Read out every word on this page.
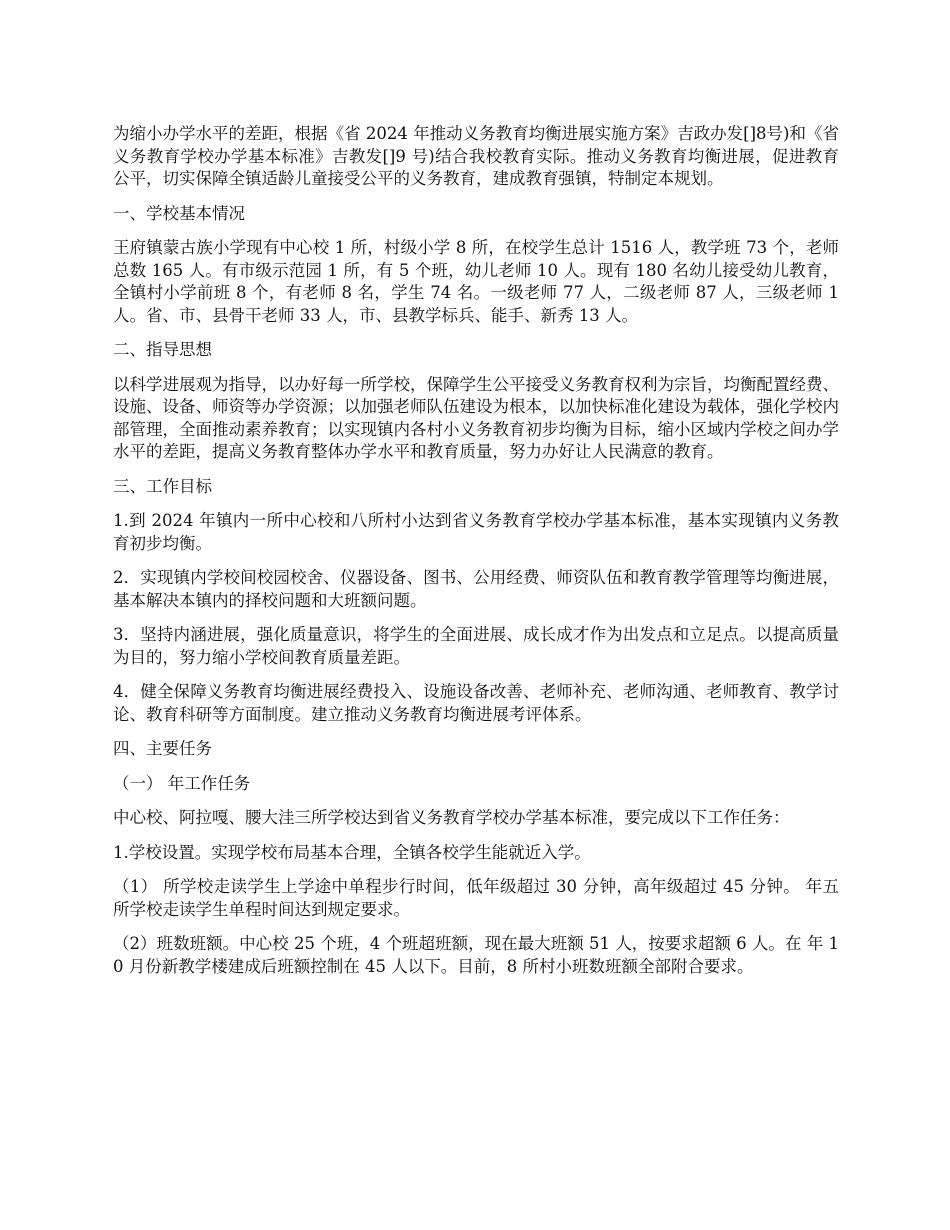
为缩小办学水平的差距，根据《省 2024 年推动义务教育均衡进展实施方案》吉政办发[]8号)和《省义务教育学校办学基本标准》吉教发[]9 号)结合我校教育实际。推动义务教育均衡进展，促进教育公平，切实保障全镇适龄儿童接受公平的义务教育，建成教育强镇，特制定本规划。

一、学校基本情况

王府镇蒙古族小学现有中心校 1 所，村级小学 8 所，在校学生总计 1516 人，教学班 73 个，老师总数 165 人。有市级示范园 1 所，有 5 个班，幼儿老师 10 人。现有 180 名幼儿接受幼儿教育，全镇村小学前班 8 个，有老师 8 名，学生 74 名。一级老师 77 人，二级老师 87 人，三级老师 1 人。省、市、县骨干老师 33 人，市、县教学标兵、能手、新秀 13 人。

二、指导思想

以科学进展观为指导，以办好每一所学校，保障学生公平接受义务教育权利为宗旨，均衡配置经费、设施、设备、师资等办学资源；以加强老师队伍建设为根本，以加快标准化建设为载体，强化学校内部管理，全面推动素养教育；以实现镇内各村小义务教育初步均衡为目标，缩小区域内学校之间办学水平的差距，提高义务教育整体办学水平和教育质量，努力办好让人民满意的教育。

三、工作目标

1.到 2024 年镇内一所中心校和八所村小达到省义务教育学校办学基本标准，基本实现镇内义务教育初步均衡。

2．实现镇内学校间校园校舍、仪器设备、图书、公用经费、师资队伍和教育教学管理等均衡进展，基本解决本镇内的择校问题和大班额问题。

3．坚持内涵进展，强化质量意识，将学生的全面进展、成长成才作为出发点和立足点。以提高质量为目的，努力缩小学校间教育质量差距。

4．健全保障义务教育均衡进展经费投入、设施设备改善、老师补充、老师沟通、老师教育、教学讨论、教育科研等方面制度。建立推动义务教育均衡进展考评体系。

四、主要任务

（一） 年工作任务

中心校、阿拉嘎、腰大洼三所学校达到省义务教育学校办学基本标准，要完成以下工作任务：

1.学校设置。实现学校布局基本合理，全镇各校学生能就近入学。

（1） 所学校走读学生上学途中单程步行时间，低年级超过 30 分钟，高年级超过 45 分钟。 年五所学校走读学生单程时间达到规定要求。

（2）班数班额。中心校 25 个班，4 个班超班额，现在最大班额 51 人，按要求超额 6 人。在 年 10 月份新教学楼建成后班额控制在 45 人以下。目前，8 所村小班数班额全部附合要求。
